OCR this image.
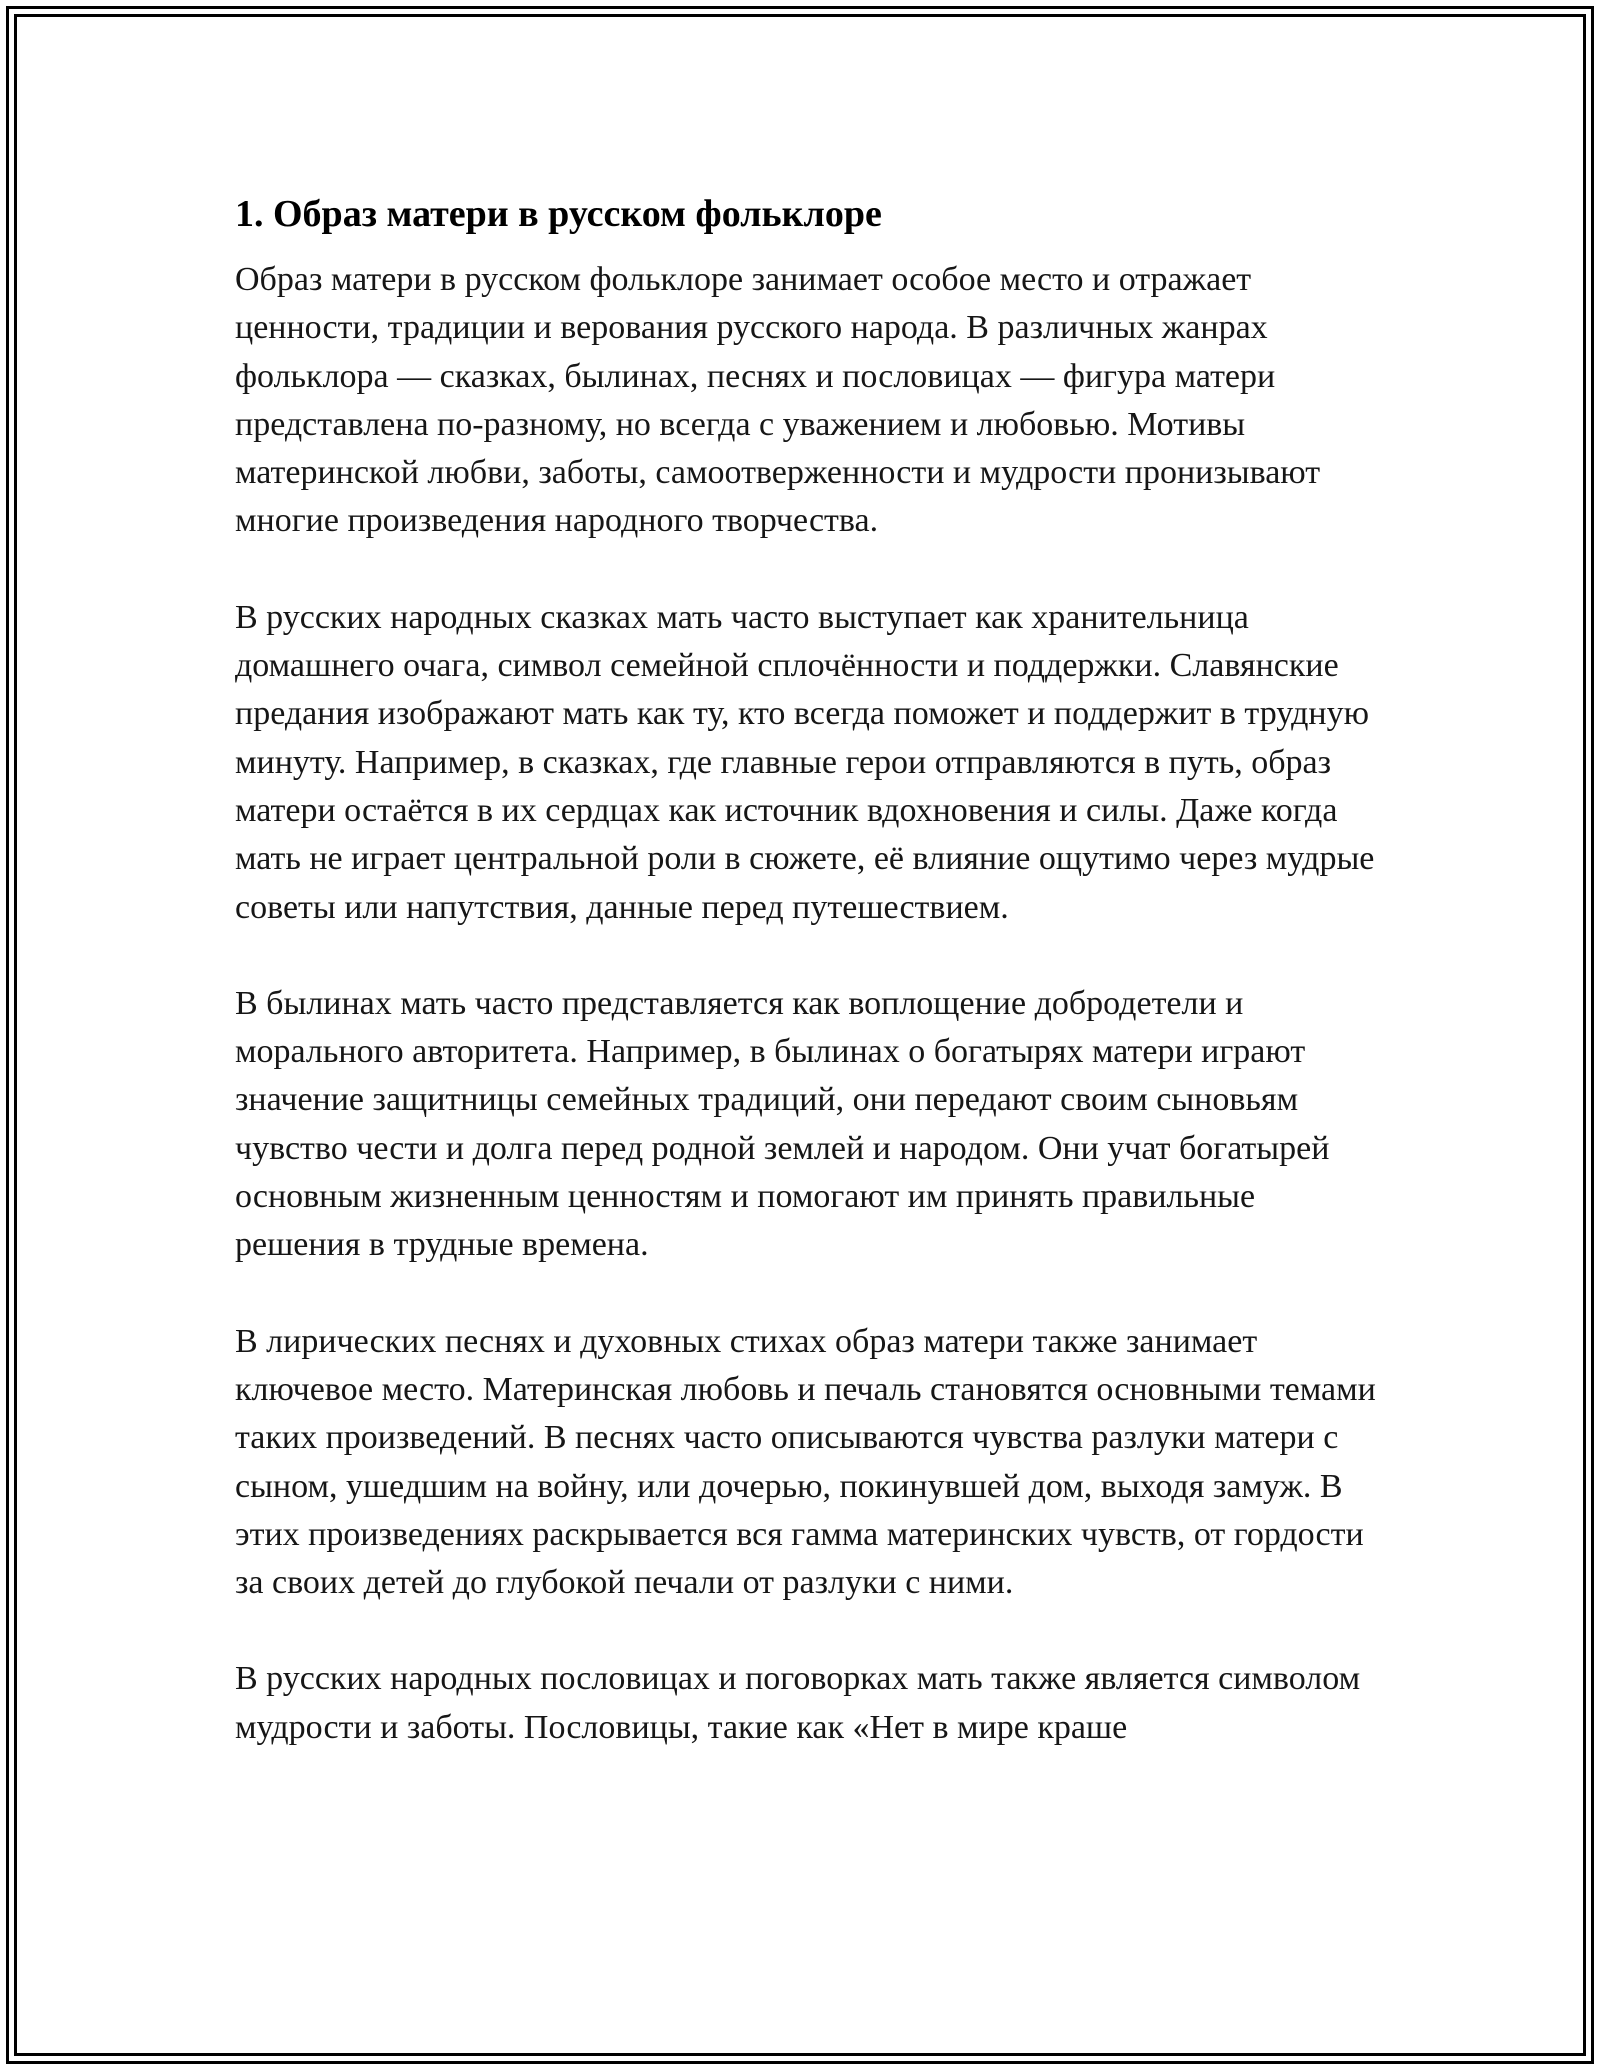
1. Образ матери в русском фольклоре

Образ матери в русском фольклоре занимает особое место и отражает ценности, традиции и верования русского народа. В различных жанрах фольклора — сказках, былинах, песнях и пословицах — фигура матери представлена по-разному, но всегда с уважением и любовью. Мотивы материнской любви, заботы, самоотверженности и мудрости пронизывают многие произведения народного творчества.

В русских народных сказках мать часто выступает как хранительница домашнего очага, символ семейной сплочённости и поддержки. Славянские предания изображают мать как ту, кто всегда поможет и поддержит в трудную минуту. Например, в сказках, где главные герои отправляются в путь, образ матери остаётся в их сердцах как источник вдохновения и силы. Даже когда мать не играет центральной роли в сюжете, её влияние ощутимо через мудрые советы или напутствия, данные перед путешествием.

В былинах мать часто представляется как воплощение добродетели и морального авторитета. Например, в былинах о богатырях матери играют значение защитницы семейных традиций, они передают своим сыновьям чувство чести и долга перед родной землей и народом. Они учат богатырей основным жизненным ценностям и помогают им принять правильные решения в трудные времена.

В лирических песнях и духовных стихах образ матери также занимает ключевое место. Материнская любовь и печаль становятся основными темами таких произведений. В песнях часто описываются чувства разлуки матери с сыном, ушедшим на войну, или дочерью, покинувшей дом, выходя замуж. В этих произведениях раскрывается вся гамма материнских чувств, от гордости за своих детей до глубокой печали от разлуки с ними.

В русских народных пословицах и поговорках мать также является символом мудрости и заботы. Пословицы, такие как «Нет в мире краше
